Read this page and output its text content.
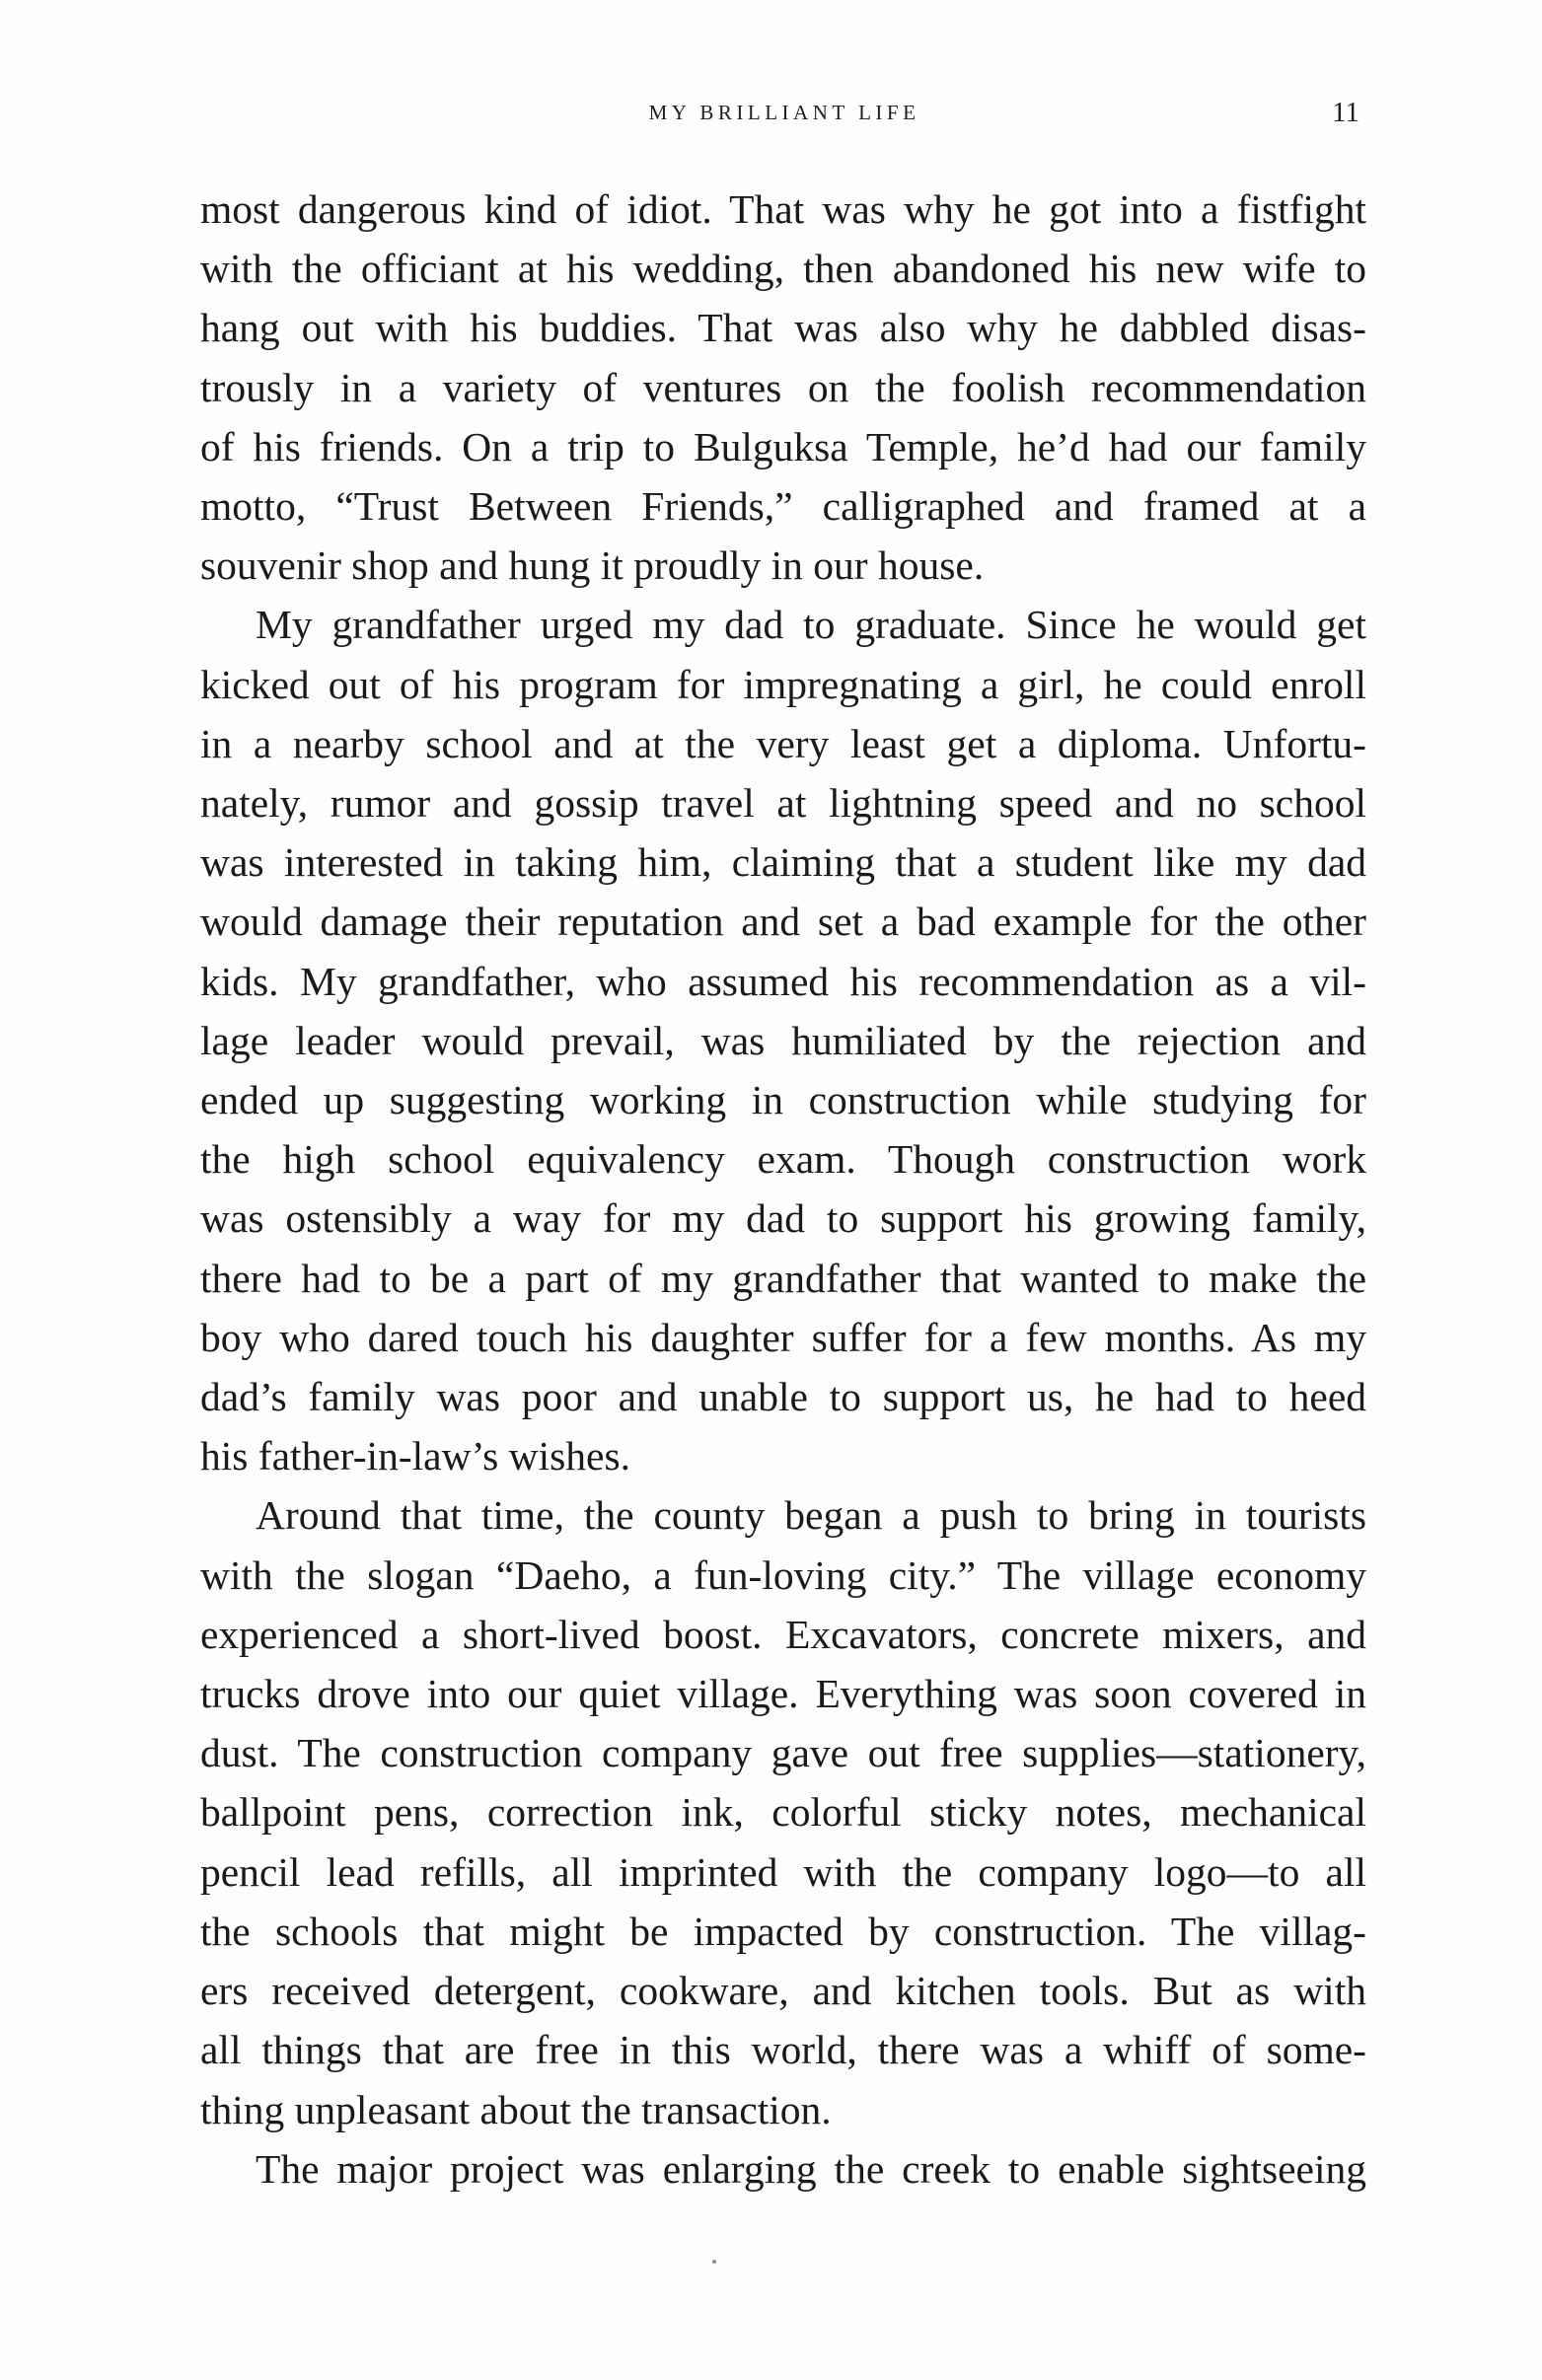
MY BRILLIANT LIFE	11
most dangerous kind of idiot. That was why he got into a fistfight
with the officiant at his wedding, then abandoned his new wife to
hang out with his buddies. That was also why he dabbled disas-
trously in a variety of ventures on the foolish recommendation
of his friends. On a trip to Bulguksa Temple, he’d had our family
motto, “Trust Between Friends,” calligraphed and framed at a
souvenir shop and hung it proudly in our house.
My grandfather urged my dad to graduate. Since he would get
kicked out of his program for impregnating a girl, he could enroll
in a nearby school and at the very least get a diploma. Unfortu-
nately, rumor and gossip travel at lightning speed and no school
was interested in taking him, claiming that a student like my dad
would damage their reputation and set a bad example for the other
kids. My grandfather, who assumed his recommendation as a vil-
lage leader would prevail, was humiliated by the rejection and
ended up suggesting working in construction while studying for
the high school equivalency exam. Though construction work
was ostensibly a way for my dad to support his growing family,
there had to be a part of my grandfather that wanted to make the
boy who dared touch his daughter suffer for a few months. As my
dad’s family was poor and unable to support us, he had to heed
his father-in-law’s wishes.
Around that time, the county began a push to bring in tourists
with the slogan “Daeho, a fun-loving city.” The village economy
experienced a short-lived boost. Excavators, concrete mixers, and
trucks drove into our quiet village. Everything was soon covered in
dust. The construction company gave out free supplies—stationery,
ballpoint pens, correction ink, colorful sticky notes, mechanical
pencil lead refills, all imprinted with the company logo—to all
the schools that might be impacted by construction. The villag-
ers received detergent, cookware, and kitchen tools. But as with
all things that are free in this world, there was a whiff of some-
thing unpleasant about the transaction.
The major project was enlarging the creek to enable sightseeing
